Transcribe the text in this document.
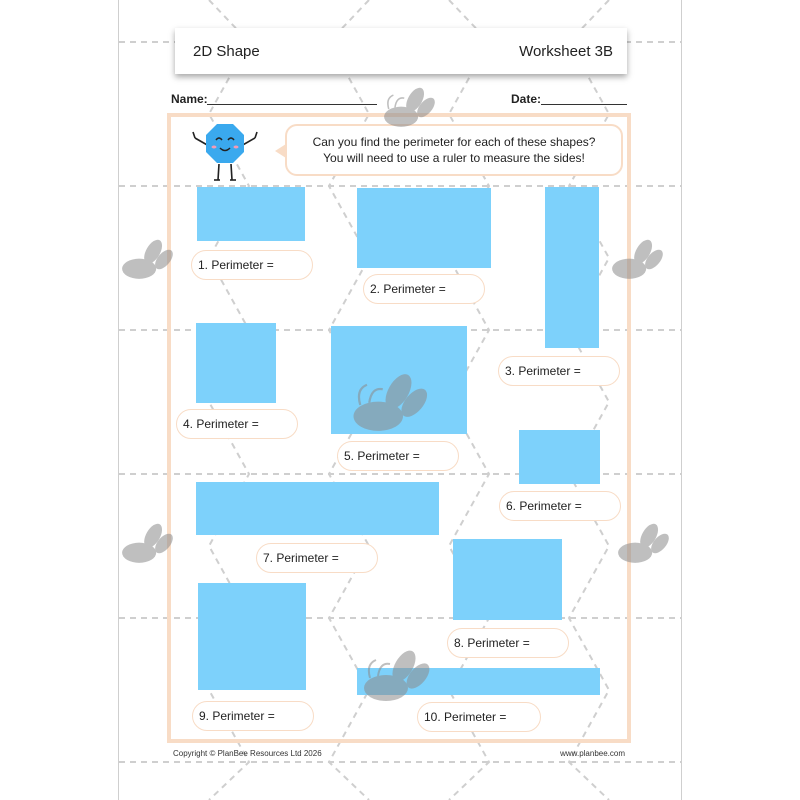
2D Shape	Worksheet 3B
Name:	Date:
Can you find the perimeter for each of these shapes?
You will need to use a ruler to measure the sides!
1. Perimeter =
2. Perimeter =
3. Perimeter =
4. Perimeter =
5. Perimeter =
6. Perimeter =
7. Perimeter =
8. Perimeter =
9. Perimeter =	10. Perimeter =
Copyright © PlanBee Resources Ltd 2026	www.planbee.com
